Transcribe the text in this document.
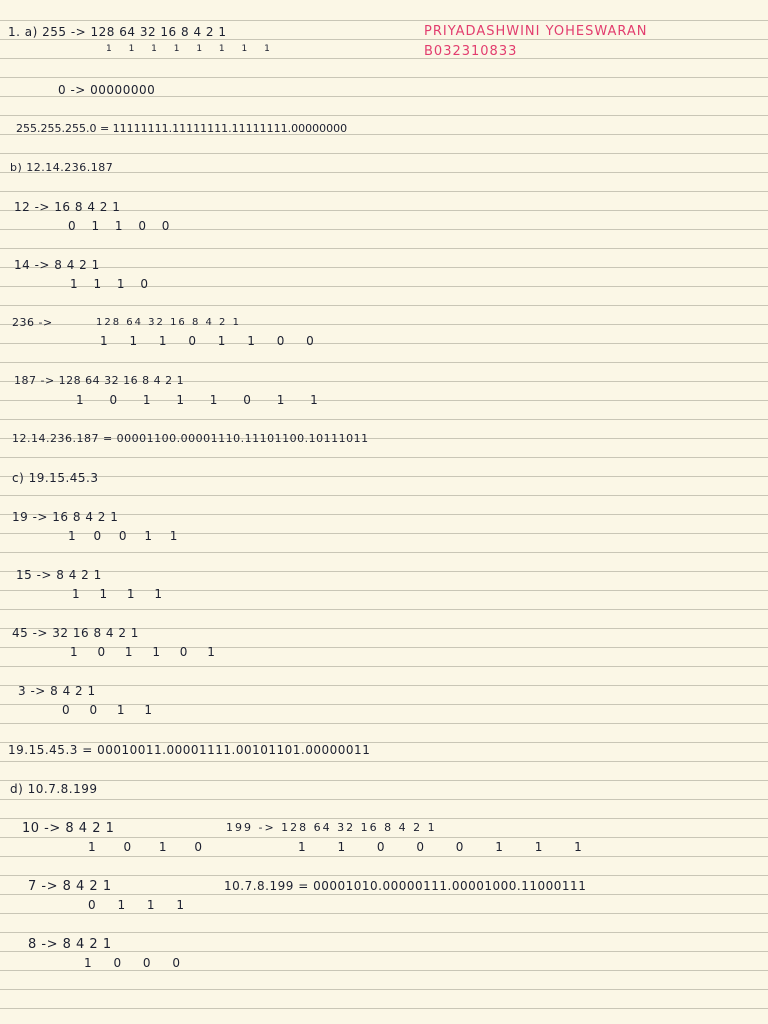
PRIYADASHWINI YOHESWARAN
B032310833
1. a) 255 -> 128 64 32 16 8 4 2 1
1 1 1 1 1 1 1 1
0 -> 00000000
255.255.255.0 = 11111111.11111111.11111111.00000000
b) 12.14.236.187
12 -> 16 8 4 2 1
0 1 1 0 0
14 -> 8 4 2 1
1 1 1 0
236 ->	128 64 32 16 8 4 2 1
1 1 1 0 1 1 0 0
187 -> 128 64 32 16 8 4 2 1
1 0 1 1 1 0 1 1
12.14.236.187 = 00001100.00001110.11101100.10111011
c) 19.15.45.3
19 -> 16 8 4 2 1
1 0 0 1 1
15 -> 8 4 2 1
1 1 1 1
45 -> 32 16 8 4 2 1
1 0 1 1 0 1
3 -> 8 4 2 1
0 0 1 1
19.15.45.3 = 00010011.00001111.00101101.00000011
d) 10.7.8.199
10 -> 8 4 2 1
1 0 1 0
199 -> 128 64 32 16 8 4 2 1
1 1 0 0 0 1 1 1
7 -> 8 4 2 1
0 1 1 1
10.7.8.199 = 00001010.00000111.00001000.11000111
8 -> 8 4 2 1
1 0 0 0
